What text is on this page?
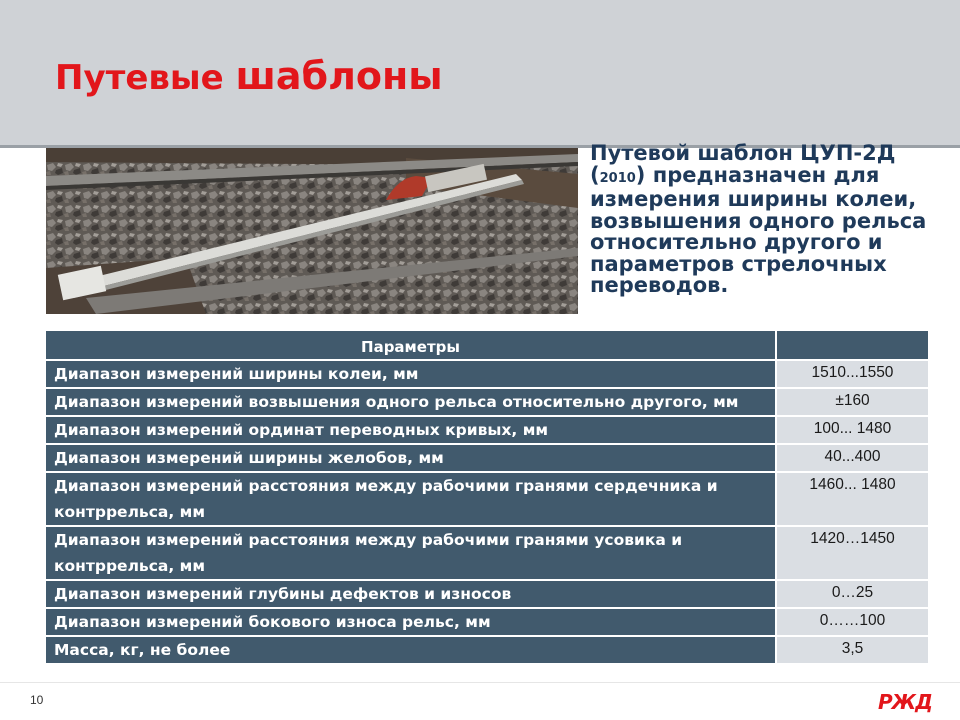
Путевые шаблоны
Путевой шаблон ЦУП-2Д (2010) предназначен для измерения ширины колеи, возвышения одного рельса относительно другого и параметров стрелочных переводов.
Параметры	
Диапазон измерений ширины колеи, мм	1510...1550
Диапазон измерений возвышения одного рельса относительно другого, мм	±160
Диапазон измерений ординат переводных кривых, мм	100... 1480
Диапазон измерений ширины желобов, мм	40...400
Диапазон измерений расстояния между рабочими гранями сердечника и контррельса, мм	1460... 1480
Диапазон измерений расстояния между рабочими гранями усовика и контррельса, мм	1420…1450
Диапазон измерений глубины дефектов и износов	0…25
Диапазон измерений бокового износа рельс, мм	0……100
Масса, кг, не более	3,5
10	РЖД
